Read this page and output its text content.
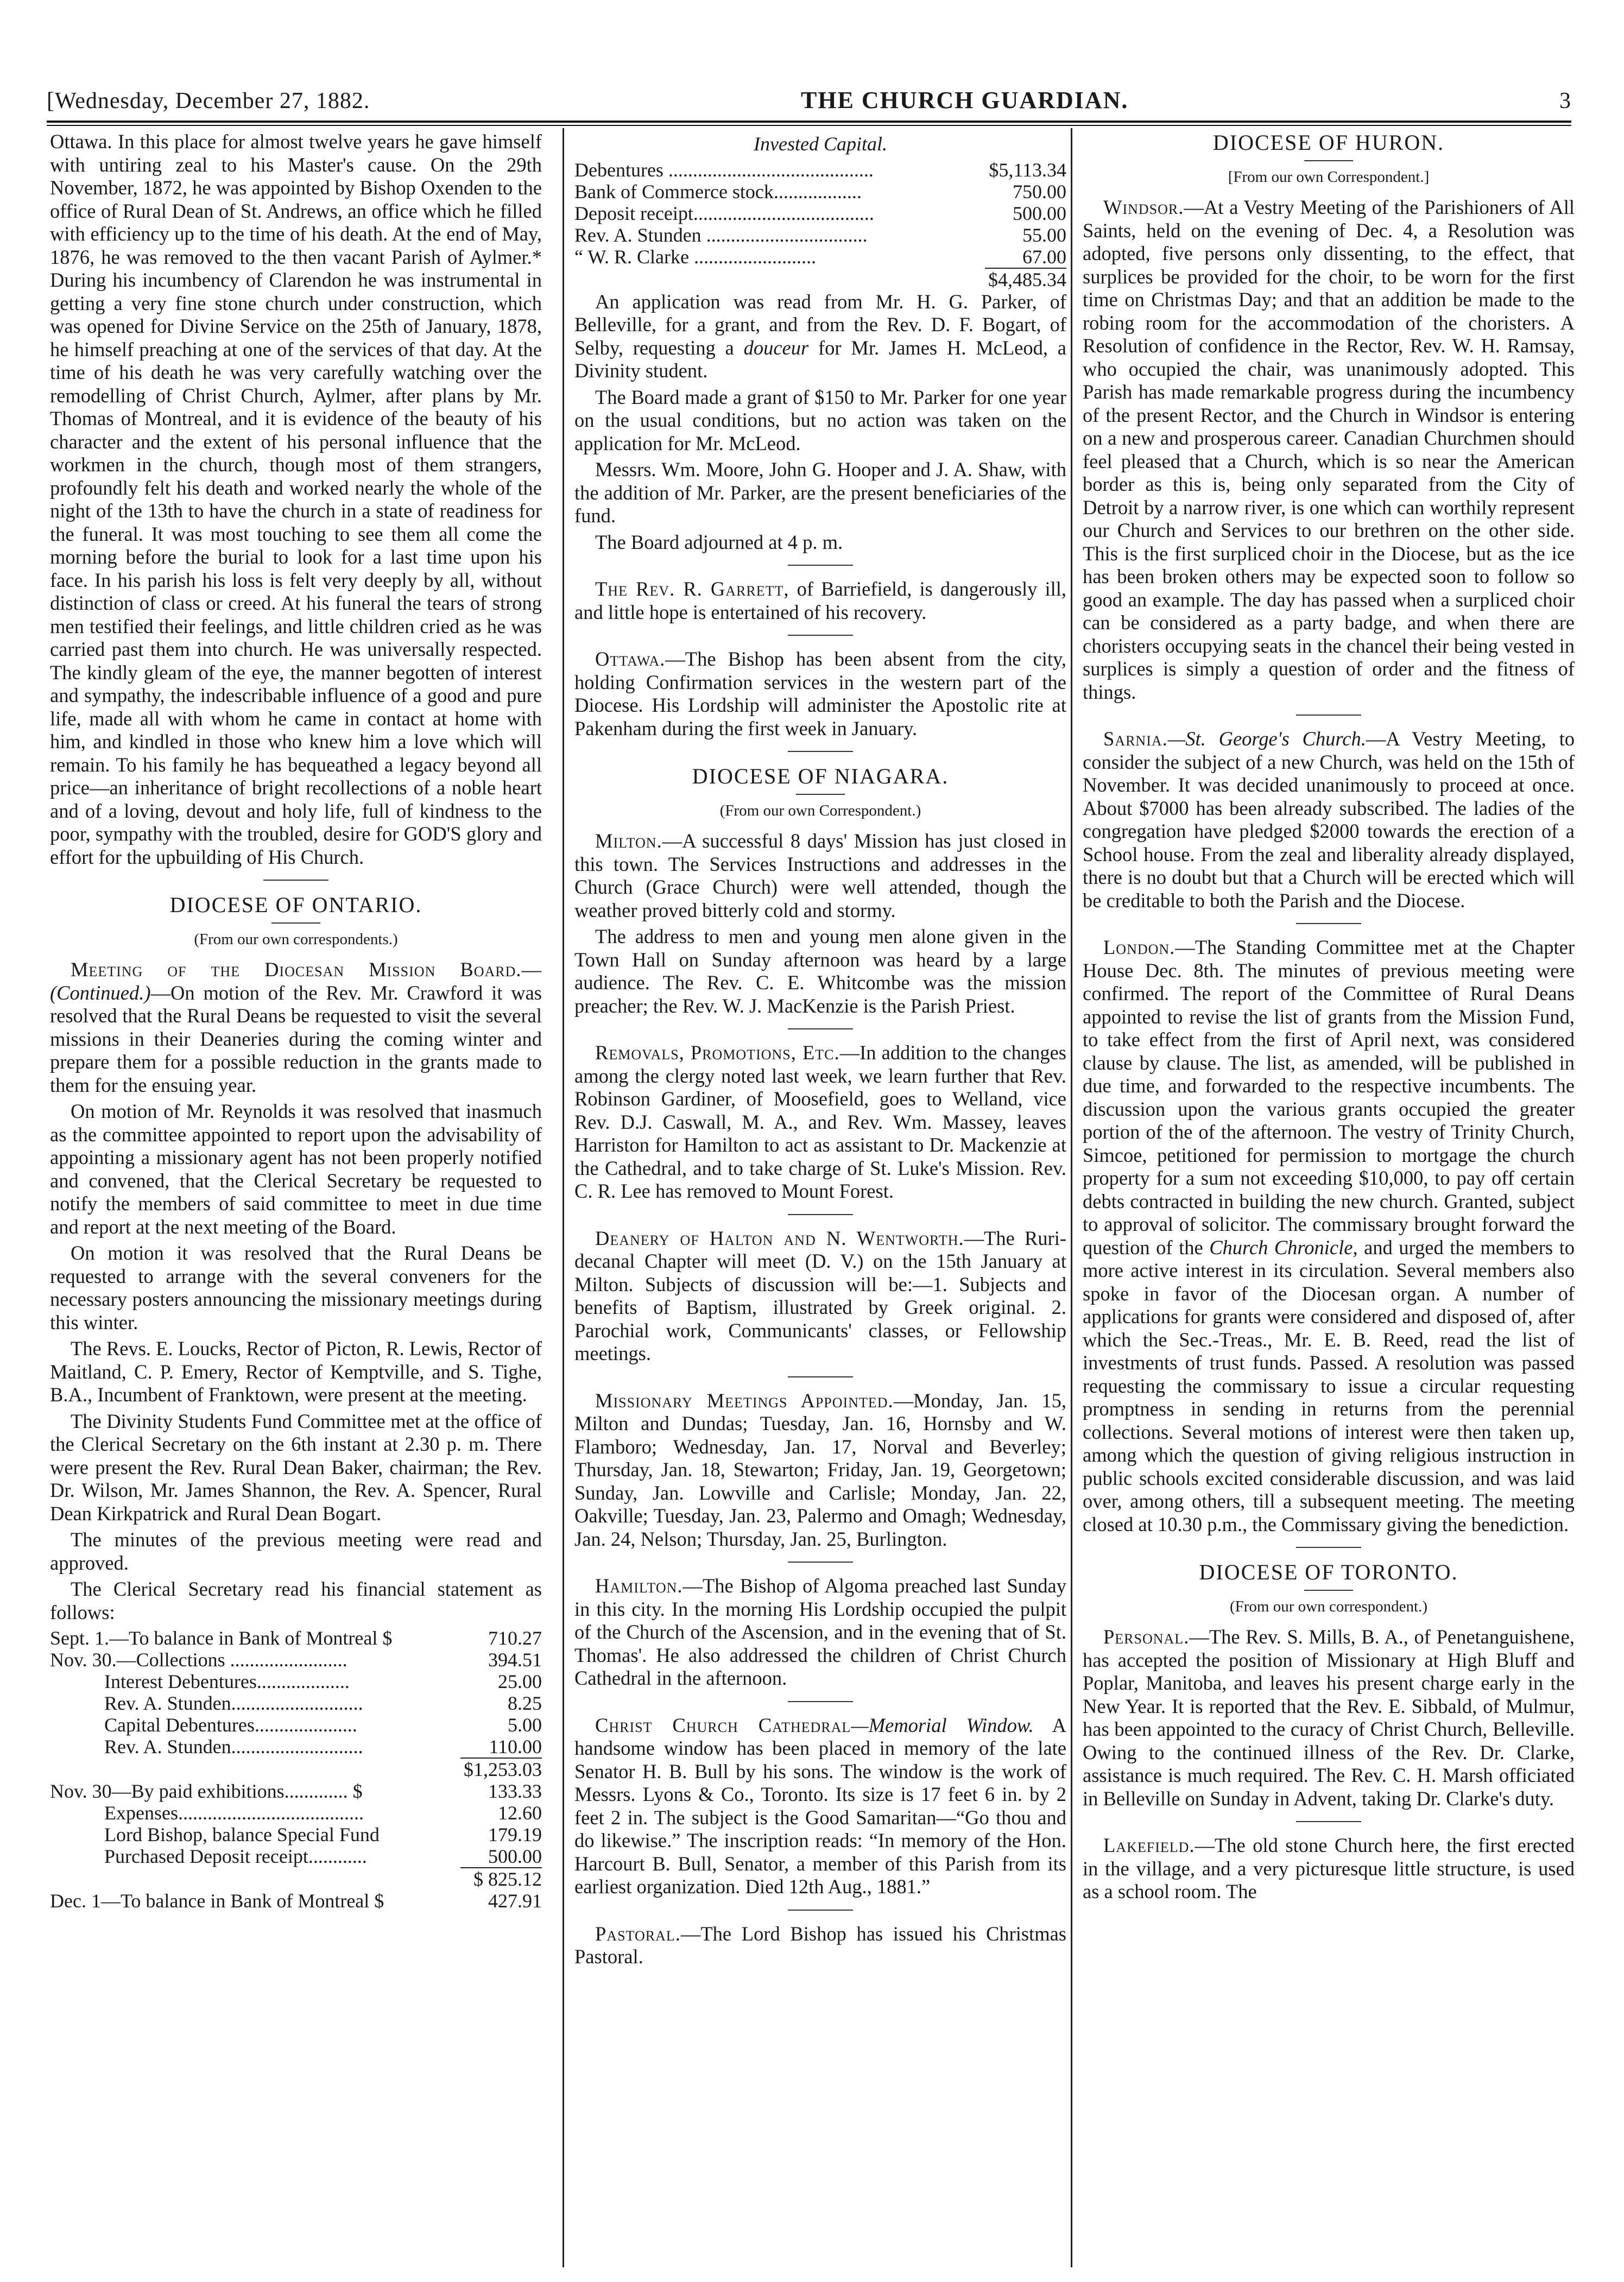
[Wednesday, December 27, 1882.	THE CHURCH GUARDIAN.	3

Ottawa. In this place for almost twelve years he gave himself with untiring zeal to his Master's cause. On the 29th November, 1872, he was appointed by Bishop Oxenden to the office of Rural Dean of St. Andrews, an office which he filled with efficiency up to the time of his death. At the end of May, 1876, he was removed to the then vacant Parish of Aylmer.* During his incumbency of Clarendon he was instrumental in getting a very fine stone church under construction, which was opened for Divine Service on the 25th of January, 1878, he himself preaching at one of the services of that day. At the time of his death he was very carefully watching over the remodelling of Christ Church, Aylmer, after plans by Mr. Thomas of Montreal, and it is evidence of the beauty of his character and the extent of his personal influence that the workmen in the church, though most of them strangers, profoundly felt his death and worked nearly the whole of the night of the 13th to have the church in a state of readiness for the funeral. It was most touching to see them all come the morning before the burial to look for a last time upon his face. In his parish his loss is felt very deeply by all, without distinction of class or creed. At his funeral the tears of strong men testified their feelings, and little children cried as he was carried past them into church. He was universally respected. The kindly gleam of the eye, the manner begotten of interest and sympathy, the indescribable influence of a good and pure life, made all with whom he came in contact at home with him, and kindled in those who knew him a love which will remain. To his family he has bequeathed a legacy beyond all price—an inheritance of bright recollections of a noble heart and of a loving, devout and holy life, full of kindness to the poor, sympathy with the troubled, desire for GOD'S glory and effort for the upbuilding of His Church.

DIOCESE OF ONTARIO.
(From our own correspondents.)

Meeting of the Diocesan Mission Board.—(Continued.)—On motion of the Rev. Mr. Crawford it was resolved that the Rural Deans be requested to visit the several missions in their Deaneries during the coming winter and prepare them for a possible reduction in the grants made to them for the ensuing year.

On motion of Mr. Reynolds it was resolved that inasmuch as the committee appointed to report upon the advisability of appointing a missionary agent has not been properly notified and convened, that the Clerical Secretary be requested to notify the members of said committee to meet in due time and report at the next meeting of the Board.

On motion it was resolved that the Rural Deans be requested to arrange with the several conveners for the necessary posters announcing the missionary meetings during this winter.

The Revs. E. Loucks, Rector of Picton, R. Lewis, Rector of Maitland, C. P. Emery, Rector of Kemptville, and S. Tighe, B.A., Incumbent of Franktown, were present at the meeting.

The Divinity Students Fund Committee met at the office of the Clerical Secretary on the 6th instant at 2.30 p. m. There were present the Rev. Rural Dean Baker, chairman; the Rev. Dr. Wilson, Mr. James Shannon, the Rev. A. Spencer, Rural Dean Kirkpatrick and Rural Dean Bogart.

The minutes of the previous meeting were read and approved.

The Clerical Secretary read his financial statement as follows:

Sept. 1.—To balance in Bank of Montreal $	710.27
Nov. 30.—Collections ........................	394.51
Interest Debentures...................	25.00
Rev. A. Stunden...........................	8.25
Capital Debentures.....................	5.00
Rev. A. Stunden...........................	110.00
	$1,253.03
Nov. 30—By paid exhibitions............. $	133.33
Expenses......................................	12.60
Lord Bishop, balance Special Fund	179.19
Purchased Deposit receipt............	500.00
	$ 825.12
Dec. 1—To balance in Bank of Montreal $	427.91
Invested Capital.
Debentures ..........................................	$5,113.34
Bank of Commerce stock..................	750.00
Deposit receipt.....................................	500.00
Rev. A. Stunden .................................	55.00
“ W. R. Clarke .........................	67.00
	$4,485.34

An application was read from Mr. H. G. Parker, of Belleville, for a grant, and from the Rev. D. F. Bogart, of Selby, requesting a douceur for Mr. James H. McLeod, a Divinity student.

The Board made a grant of $150 to Mr. Parker for one year on the usual conditions, but no action was taken on the application for Mr. McLeod.

Messrs. Wm. Moore, John G. Hooper and J. A. Shaw, with the addition of Mr. Parker, are the present beneficiaries of the fund.

The Board adjourned at 4 p. m.

The Rev. R. Garrett, of Barriefield, is dangerously ill, and little hope is entertained of his recovery.

Ottawa.—The Bishop has been absent from the city, holding Confirmation services in the western part of the Diocese. His Lordship will administer the Apostolic rite at Pakenham during the first week in January.

DIOCESE OF NIAGARA.
(From our own Correspondent.)

Milton.—A successful 8 days' Mission has just closed in this town. The Services Instructions and addresses in the Church (Grace Church) were well attended, though the weather proved bitterly cold and stormy.

The address to men and young men alone given in the Town Hall on Sunday afternoon was heard by a large audience. The Rev. C. E. Whitcombe was the mission preacher; the Rev. W. J. MacKenzie is the Parish Priest.

Removals, Promotions, Etc.—In addition to the changes among the clergy noted last week, we learn further that Rev. Robinson Gardiner, of Moosefield, goes to Welland, vice Rev. D.J. Caswall, M. A., and Rev. Wm. Massey, leaves Harriston for Hamilton to act as assistant to Dr. Mackenzie at the Cathedral, and to take charge of St. Luke's Mission. Rev. C. R. Lee has removed to Mount Forest.

Deanery of Halton and N. Wentworth.—The Ruri-decanal Chapter will meet (D. V.) on the 15th January at Milton. Subjects of discussion will be:—1. Subjects and benefits of Baptism, illustrated by Greek original. 2. Parochial work, Communicants' classes, or Fellowship meetings.

Missionary Meetings Appointed.—Monday, Jan. 15, Milton and Dundas; Tuesday, Jan. 16, Hornsby and W. Flamboro; Wednesday, Jan. 17, Norval and Beverley; Thursday, Jan. 18, Stewarton; Friday, Jan. 19, Georgetown; Sunday, Jan. Lowville and Carlisle; Monday, Jan. 22, Oakville; Tuesday, Jan. 23, Palermo and Omagh; Wednesday, Jan. 24, Nelson; Thursday, Jan. 25, Burlington.

Hamilton.—The Bishop of Algoma preached last Sunday in this city. In the morning His Lordship occupied the pulpit of the Church of the Ascension, and in the evening that of St. Thomas'. He also addressed the children of Christ Church Cathedral in the afternoon.

Christ Church Cathedral—Memorial Window. A handsome window has been placed in memory of the late Senator H. B. Bull by his sons. The window is the work of Messrs. Lyons & Co., Toronto. Its size is 17 feet 6 in. by 2 feet 2 in. The subject is the Good Samaritan—“Go thou and do likewise.” The inscription reads: “In memory of the Hon. Harcourt B. Bull, Senator, a member of this Parish from its earliest organization. Died 12th Aug., 1881.”

Pastoral.—The Lord Bishop has issued his Christmas Pastoral.

DIOCESE OF HURON.
[From our own Correspondent.]

Windsor.—At a Vestry Meeting of the Parishioners of All Saints, held on the evening of Dec. 4, a Resolution was adopted, five persons only dissenting, to the effect, that surplices be provided for the choir, to be worn for the first time on Christmas Day; and that an addition be made to the robing room for the accommodation of the choristers. A Resolution of confidence in the Rector, Rev. W. H. Ramsay, who occupied the chair, was unanimously adopted. This Parish has made remarkable progress during the incumbency of the present Rector, and the Church in Windsor is entering on a new and prosperous career. Canadian Churchmen should feel pleased that a Church, which is so near the American border as this is, being only separated from the City of Detroit by a narrow river, is one which can worthily represent our Church and Services to our brethren on the other side. This is the first surpliced choir in the Diocese, but as the ice has been broken others may be expected soon to follow so good an example. The day has passed when a surpliced choir can be considered as a party badge, and when there are choristers occupying seats in the chancel their being vested in surplices is simply a question of order and the fitness of things.

Sarnia.—St. George's Church.—A Vestry Meeting, to consider the subject of a new Church, was held on the 15th of November. It was decided unanimously to proceed at once. About $7000 has been already subscribed. The ladies of the congregation have pledged $2000 towards the erection of a School house. From the zeal and liberality already displayed, there is no doubt but that a Church will be erected which will be creditable to both the Parish and the Diocese.

London.—The Standing Committee met at the Chapter House Dec. 8th. The minutes of previous meeting were confirmed. The report of the Committee of Rural Deans appointed to revise the list of grants from the Mission Fund, to take effect from the first of April next, was considered clause by clause. The list, as amended, will be published in due time, and forwarded to the respective incumbents. The discussion upon the various grants occupied the greater portion of the of the afternoon. The vestry of Trinity Church, Simcoe, petitioned for permission to mortgage the church property for a sum not exceeding $10,000, to pay off certain debts contracted in building the new church. Granted, subject to approval of solicitor. The commissary brought forward the question of the Church Chronicle, and urged the members to more active interest in its circulation. Several members also spoke in favor of the Diocesan organ. A number of applications for grants were considered and disposed of, after which the Sec.-Treas., Mr. E. B. Reed, read the list of investments of trust funds. Passed. A resolution was passed requesting the commissary to issue a circular requesting promptness in sending in returns from the perennial collections. Several motions of interest were then taken up, among which the question of giving religious instruction in public schools excited considerable discussion, and was laid over, among others, till a subsequent meeting. The meeting closed at 10.30 p.m., the Commissary giving the benediction.

DIOCESE OF TORONTO.
(From our own correspondent.)

Personal.—The Rev. S. Mills, B. A., of Penetanguishene, has accepted the position of Missionary at High Bluff and Poplar, Manitoba, and leaves his present charge early in the New Year. It is reported that the Rev. E. Sibbald, of Mulmur, has been appointed to the curacy of Christ Church, Belleville. Owing to the continued illness of the Rev. Dr. Clarke, assistance is much required. The Rev. C. H. Marsh officiated in Belleville on Sunday in Advent, taking Dr. Clarke's duty.

Lakefield.—The old stone Church here, the first erected in the village, and a very picturesque little structure, is used as a school room. The
